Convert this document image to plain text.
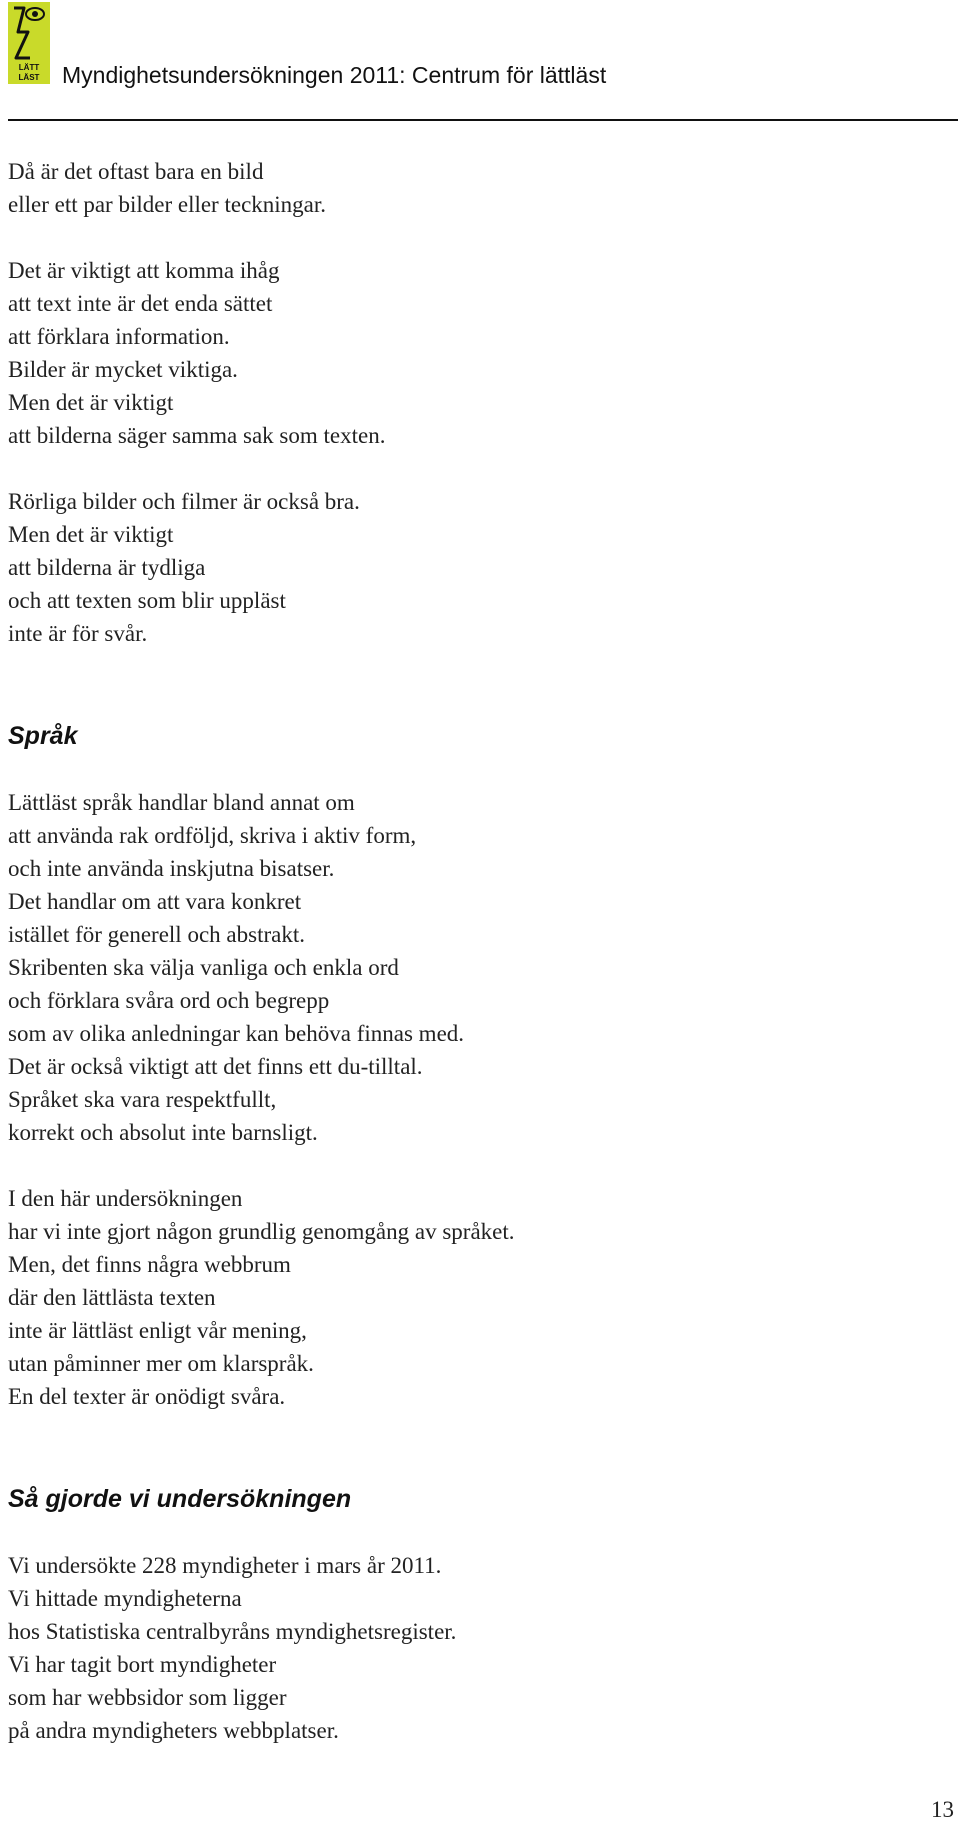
LÄTT
LÄST Myndighetsundersökningen 2011: Centrum för lättläst

Då är det oftast bara en bild
eller ett par bilder eller teckningar.

Det är viktigt att komma ihåg
att text inte är det enda sättet
att förklara information.
Bilder är mycket viktiga.
Men det är viktigt
att bilderna säger samma sak som texten.

Rörliga bilder och filmer är också bra.
Men det är viktigt
att bilderna är tydliga
och att texten som blir uppläst
inte är för svår.

Språk

Lättläst språk handlar bland annat om
att använda rak ordföljd, skriva i aktiv form,
och inte använda inskjutna bisatser.
Det handlar om att vara konkret
istället för generell och abstrakt.
Skribenten ska välja vanliga och enkla ord
och förklara svåra ord och begrepp
som av olika anledningar kan behöva finnas med.
Det är också viktigt att det finns ett du-tilltal.
Språket ska vara respektfullt,
korrekt och absolut inte barnsligt.

I den här undersökningen
har vi inte gjort någon grundlig genomgång av språket.
Men, det finns några webbrum
där den lättlästa texten
inte är lättläst enligt vår mening,
utan påminner mer om klarspråk.
En del texter är onödigt svåra.

Så gjorde vi undersökningen

Vi undersökte 228 myndigheter i mars år 2011.
Vi hittade myndigheterna
hos Statistiska centralbyråns myndighetsregister.
Vi har tagit bort myndigheter
som har webbsidor som ligger
på andra myndigheters webbplatser.

13
